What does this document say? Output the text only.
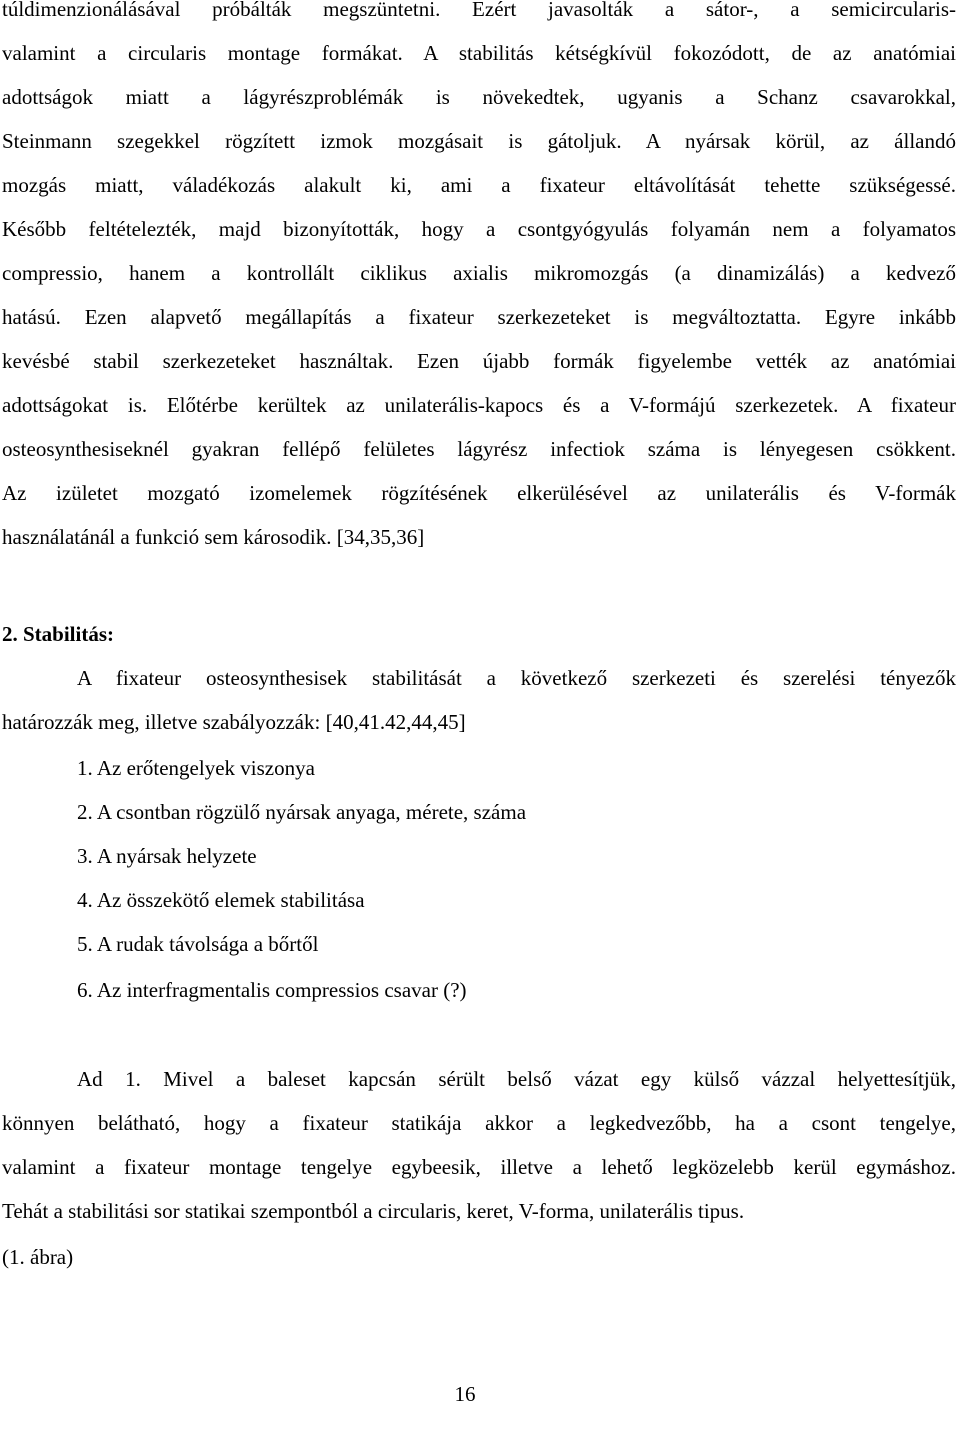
túldimenzionálásával próbálták megszüntetni. Ezért javasolták a sátor-, a semicircularis-
valamint a circularis montage formákat. A stabilitás kétségkívül fokozódott, de az anatómiai
adottságok miatt a lágyrészproblémák is növekedtek, ugyanis a Schanz csavarokkal,
Steinmann szegekkel rögzített izmok mozgásait is gátoljuk. A nyársak körül, az állandó
mozgás miatt, váladékozás alakult ki, ami a fixateur eltávolítását tehette szükségessé.
Később feltételezték, majd bizonyították, hogy a csontgyógyulás folyamán nem a folyamatos
compressio, hanem a kontrollált ciklikus axialis mikromozgás (a dinamizálás) a kedvező
hatású. Ezen alapvető megállapítás a fixateur szerkezeteket is megváltoztatta. Egyre inkább
kevésbé stabil szerkezeteket használtak. Ezen újabb formák figyelembe vették az anatómiai
adottságokat is. Előtérbe kerültek az unilaterális-kapocs és a V-formájú szerkezetek. A fixateur
osteosynthesiseknél gyakran fellépő felületes lágyrész infectiok száma is lényegesen csökkent.
Az izületet mozgató izomelemek rögzítésének elkerülésével az unilaterális és V-formák
használatánál a funkció sem károsodik. [34,35,36]
2. Stabilitás:
A fixateur osteosynthesisek stabilitását a következő szerkezeti és szerelési tényezők
határozzák meg, illetve szabályozzák: [40,41.42,44,45]
1. Az erőtengelyek viszonya
2. A csontban rögzülő nyársak anyaga, mérete, száma
3. A nyársak helyzete
4. Az összekötő elemek stabilitása
5. A rudak távolsága a bőrtől
6. Az interfragmentalis compressios csavar (?)
Ad 1. Mivel a baleset kapcsán sérült belső vázat egy külső vázzal helyettesítjük,
könnyen belátható, hogy a fixateur statikája akkor a legkedvezőbb, ha a csont tengelye,
valamint a fixateur montage tengelye egybeesik, illetve a lehető legközelebb kerül egymáshoz.
Tehát a stabilitási sor statikai szempontból a circularis, keret, V-forma, unilaterális tipus.
(1. ábra)
16
